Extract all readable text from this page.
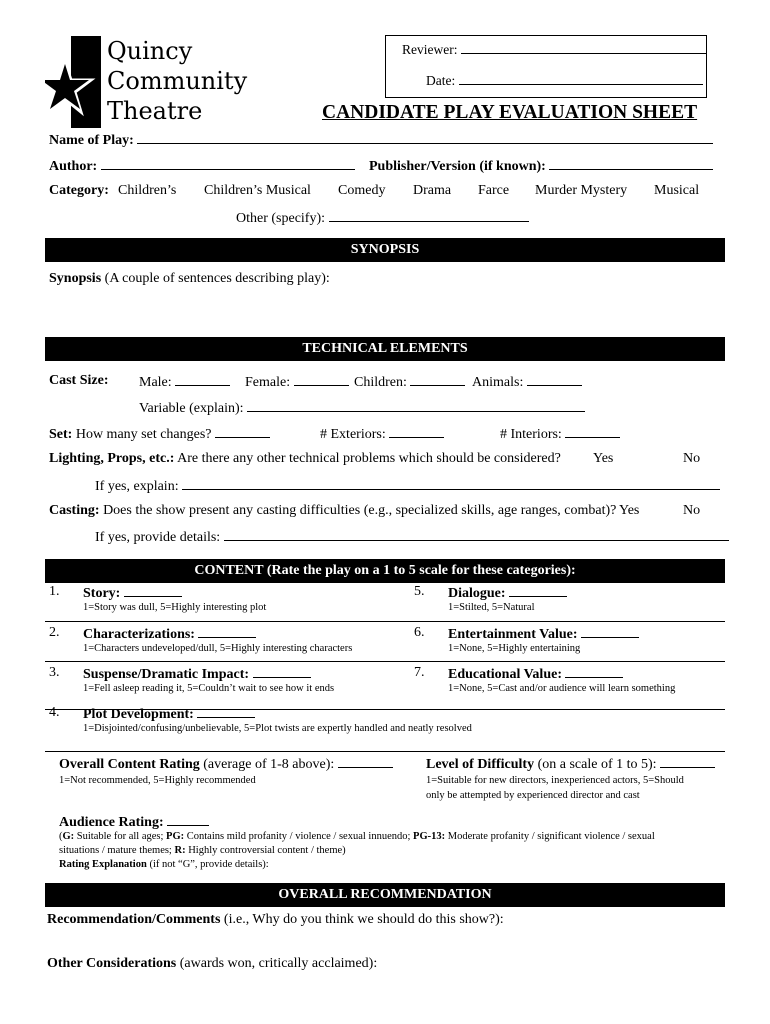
Quincy
Community
Theatre
Reviewer:
Date:
CANDIDATE PLAY EVALUATION SHEET
Name of Play:
Author:	Publisher/Version (if known):
Category: Children’s Children’s Musical Comedy Drama Farce Murder Mystery Musical
Other (specify):
SYNOPSIS
Synopsis (A couple of sentences describing play):
TECHNICAL ELEMENTS
Cast Size: Male:	Female:	Children:	Animals:
Variable (explain):
Set: How many set changes?	# Exteriors:	# Interiors:
Lighting, Props, etc.: Are there any other technical problems which should be considered? Yes	No
If yes, explain:
Casting: Does the show present any casting difficulties (e.g., specialized skills, age ranges, combat)? Yes	No
If yes, provide details:
CONTENT (Rate the play on a 1 to 5 scale for these categories):
1. Story:
1=Story was dull, 5=Highly interesting plot
5. Dialogue:
1=Stilted, 5=Natural
2. Characterizations:
1=Characters undeveloped/dull, 5=Highly interesting characters
6. Entertainment Value:
1=None, 5=Highly entertaining
3. Suspense/Dramatic Impact:
1=Fell asleep reading it, 5=Couldn’t wait to see how it ends
7. Educational Value:
1=None, 5=Cast and/or audience will learn something
4. Plot Development:
1=Disjointed/confusing/unbelievable, 5=Plot twists are expertly handled and neatly resolved
Overall Content Rating (average of 1-8 above):
1=Not recommended, 5=Highly recommended
Level of Difficulty (on a scale of 1 to 5):
1=Suitable for new directors, inexperienced actors, 5=Should
only be attempted by experienced director and cast
Audience Rating:
(G: Suitable for all ages; PG: Contains mild profanity / violence / sexual innuendo; PG-13: Moderate profanity / significant violence / sexual
situations / mature themes; R: Highly controversial content / theme)
Rating Explanation (if not “G”, provide details):
OVERALL RECOMMENDATION
Recommendation/Comments (i.e., Why do you think we should do this show?):
Other Considerations (awards won, critically acclaimed):
